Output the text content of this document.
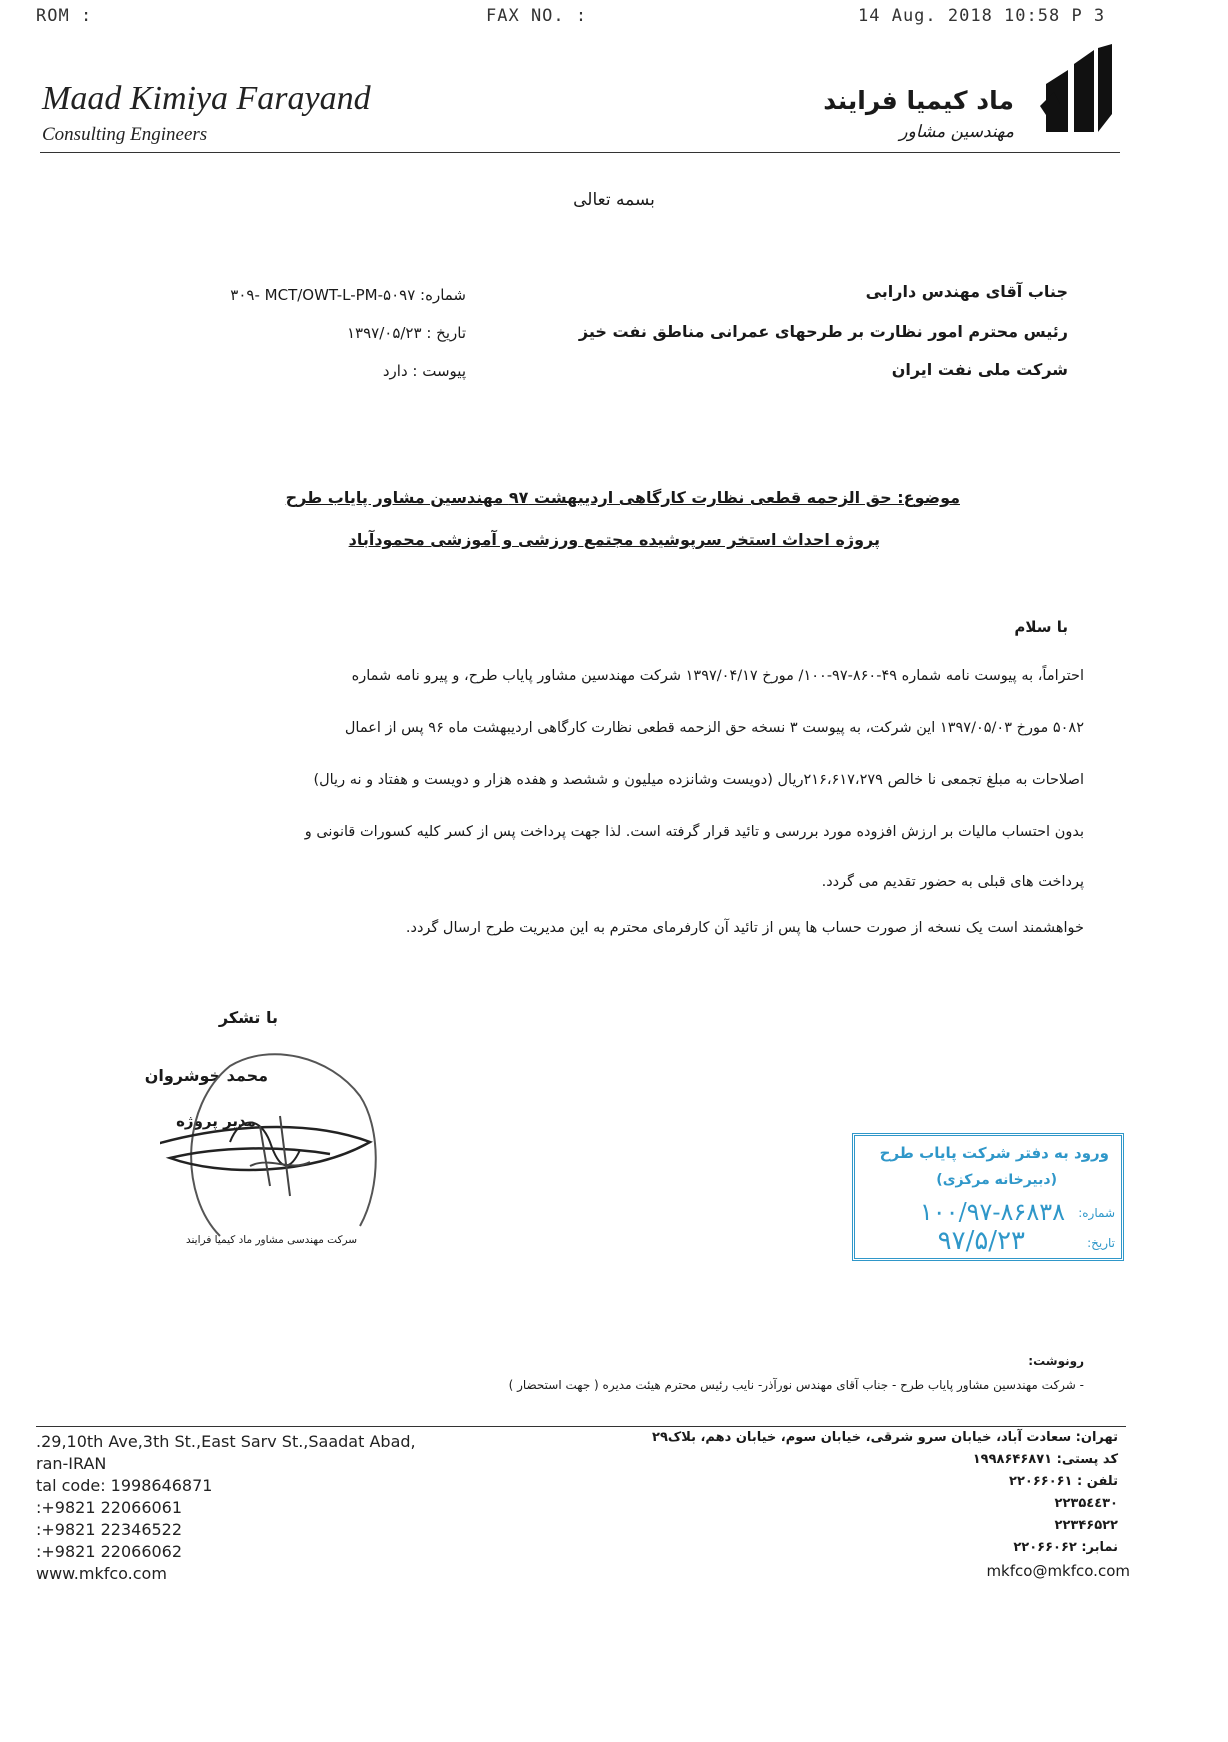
ROM :	FAX NO. :	14 Aug. 2018 10:58 P 3
Maad Kimiya Farayand
Consulting Engineers
ماد کیمیا فرایند
مهندسین مشاور
بسمه تعالی
جناب آقای مهندس دارابی
رئیس محترم امور نظارت بر طرحهای عمرانی مناطق نفت خیز
شرکت ملی نفت ایران
شماره: ۳۰۹- MCT/OWT-L-PM-۵۰۹۷
تاریخ : ۱۳۹۷/۰۵/۲۳
پیوست : دارد
موضوع: حق الزحمه قطعی نظارت کارگاهی اردیبهشت ۹۷ مهندسین مشاور پایاب طرح
پروژه احداث استخر سرپوشیده مجتمع ورزشی و آموزشی محمودآباد
با سلام
احتراماً، به پیوست نامه شماره ۴۹-۸۶۰-۹۷-۱۰۰/ مورخ ۱۳۹۷/۰۴/۱۷ شرکت مهندسین مشاور پایاب طرح، و پیرو نامه شماره
۵۰۸۲ مورخ ۱۳۹۷/۰۵/۰۳ این شرکت، به پیوست ۳ نسخه حق الزحمه قطعی نظارت کارگاهی اردیبهشت ماه ۹۶ پس از اعمال
اصلاحات به مبلغ تجمعی نا خالص ۲۱۶،۶۱۷،۲۷۹ریال (دویست وشانزده میلیون و ششصد و هفده هزار و دویست و هفتاد و نه ریال)
بدون احتساب مالیات بر ارزش افزوده مورد بررسی و تائید قرار گرفته است. لذا جهت پرداخت پس از کسر کلیه کسورات قانونی و
پرداخت های قبلی به حضور تقدیم می گردد.
خواهشمند است یک نسخه از صورت حساب ها پس از تائید آن کارفرمای محترم به این مدیریت طرح ارسال گردد.
با تشکر
محمد خوشروان
مدیر پروژه
سرکت مهندسی مشاور ماد کیمیا فرایند
ورود به دفتر شرکت پایاب طرح
(دبیرخانه مرکزی)
شماره:
۱۰۰/۹۷-۸۶۸۳۸
تاریخ:
۹۷/۵/۲۳
رونوشت:
- شرکت مهندسین مشاور پایاب طرح - جناب آقای مهندس نورآذر- نایب رئیس محترم هیئت مدیره ( جهت استحضار )
.29,10th Ave,3th St.,East Sarv St.,Saadat Abad,
ran-IRAN
tal code: 1998646871
:+9821 22066061
:+9821 22346522
:+9821 22066062
www.mkfco.com
تهران: سعادت آباد، خیابان سرو شرقی، خیابان سوم، خیابان دهم، بلاک۲۹
کد پستی: ۱۹۹۸۶۴۶۸۷۱
تلفن : ۲۲۰۶۶۰۶۱
۲۲۳۵٤٤۳۰
۲۲۳۴۶۵۲۲
نمابر: ۲۲۰۶۶۰۶۲
mkfco@mkfco.com
